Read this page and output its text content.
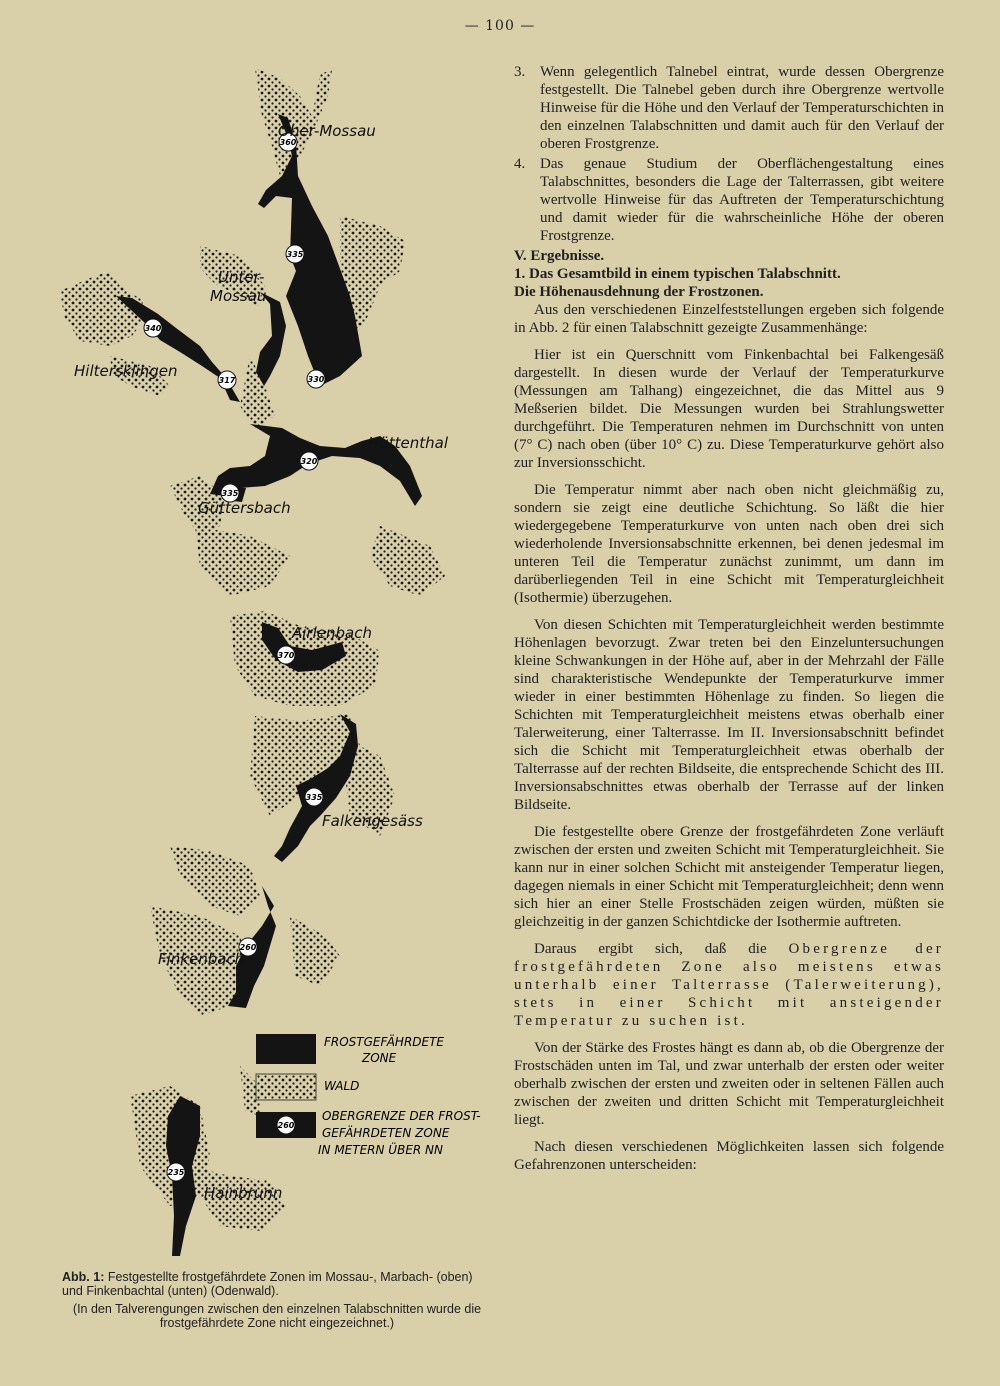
— 100 —
360
335
340
317	330
320
335
370
335
260
235
Ober-Mossau
Unter-
Mossau
Hiltersklingen
Hüttenthal
Güttersbach
Airlenbach
Falkengesäss
Finkenbach
Hainbrunn
FROSTGEFÄHRDETE
ZONE
WALD
260
OBERGRENZE DER FROST-
GEFÄHRDETEN ZONE
IN METERN ÜBER NN

Abb. 1: Festgestellte frostgefährdete Zonen im Mossau-, Marbach- (oben) und Finkenbachtal (unten) (Odenwald).

(In den Talverengungen zwischen den einzelnen Talabschnitten wurde die frostgefährdete Zone nicht eingezeichnet.)

3. Wenn gelegentlich Talnebel eintrat, wurde dessen Obergrenze festgestellt. Die Talnebel geben durch ihre Obergrenze wertvolle Hinweise für die Höhe und den Verlauf der Temperaturschichten in den einzelnen Talabschnitten und damit auch für den Verlauf der oberen Frostgrenze.
4. Das genaue Studium der Oberflächengestaltung eines Talabschnittes, besonders die Lage der Talterrassen, gibt weitere wertvolle Hinweise für das Auftreten der Temperaturschichtung und damit wieder für die wahrscheinliche Höhe der oberen Frostgrenze.

V. Ergebnisse.

1. Das Gesamtbild in einem typischen Talabschnitt.

Die Höhenausdehnung der Frostzonen.

Aus den verschiedenen Einzelfeststellungen ergeben sich folgende in Abb. 2 für einen Talabschnitt gezeigte Zusammenhänge:

Hier ist ein Querschnitt vom Finkenbachtal bei Falkengesäß dargestellt. In diesen wurde der Verlauf der Temperaturkurve (Messungen am Talhang) eingezeichnet, die das Mittel aus 9 Meßserien bildet. Die Messungen wurden bei Strahlungswetter durchgeführt. Die Temperaturen nehmen im Durchschnitt von unten (7° C) nach oben (über 10° C) zu. Diese Temperaturkurve gehört also zur Inversionsschicht.

Die Temperatur nimmt aber nach oben nicht gleichmäßig zu, sondern sie zeigt eine deutliche Schichtung. So läßt die hier wiedergegebene Temperaturkurve von unten nach oben drei sich wiederholende Inversionsabschnitte erkennen, bei denen jedesmal im unteren Teil die Temperatur zunächst zunimmt, um dann im darüberliegenden Teil in eine Schicht mit Temperaturgleichheit (Isothermie) überzugehen.

Von diesen Schichten mit Temperaturgleichheit werden bestimmte Höhenlagen bevorzugt. Zwar treten bei den Einzeluntersuchungen kleine Schwankungen in der Höhe auf, aber in der Mehrzahl der Fälle sind charakteristische Wendepunkte der Temperaturkurve immer wieder in einer bestimmten Höhenlage zu finden. So liegen die Schichten mit Temperaturgleichheit meistens etwas oberhalb einer Talerweiterung, einer Talterrasse. Im II. Inversionsabschnitt befindet sich die Schicht mit Temperaturgleichheit etwas oberhalb der Talterrasse auf der rechten Bildseite, die entsprechende Schicht des III. Inversionsabschnittes etwas oberhalb der Terrasse auf der linken Bildseite.

Die festgestellte obere Grenze der frostgefährdeten Zone verläuft zwischen der ersten und zweiten Schicht mit Temperaturgleichheit. Sie kann nur in einer solchen Schicht mit ansteigender Temperatur liegen, dagegen niemals in einer Schicht mit Temperaturgleichheit; denn wenn sich hier an einer Stelle Frostschäden zeigen würden, müßten sie gleichzeitig in der ganzen Schichtdicke der Isothermie auftreten.

Daraus ergibt sich, daß die Obergrenze der frostgefährdeten Zone also meistens etwas unterhalb einer Talterrasse (Talerweiterung), stets in einer Schicht mit ansteigender Temperatur zu suchen ist.

Von der Stärke des Frostes hängt es dann ab, ob die Obergrenze der Frostschäden unten im Tal, und zwar unterhalb der ersten oder weiter oberhalb zwischen der ersten und zweiten oder in seltenen Fällen auch zwischen der zweiten und dritten Schicht mit Temperaturgleichheit liegt.

Nach diesen verschiedenen Möglichkeiten lassen sich folgende Gefahrenzonen unterscheiden:
